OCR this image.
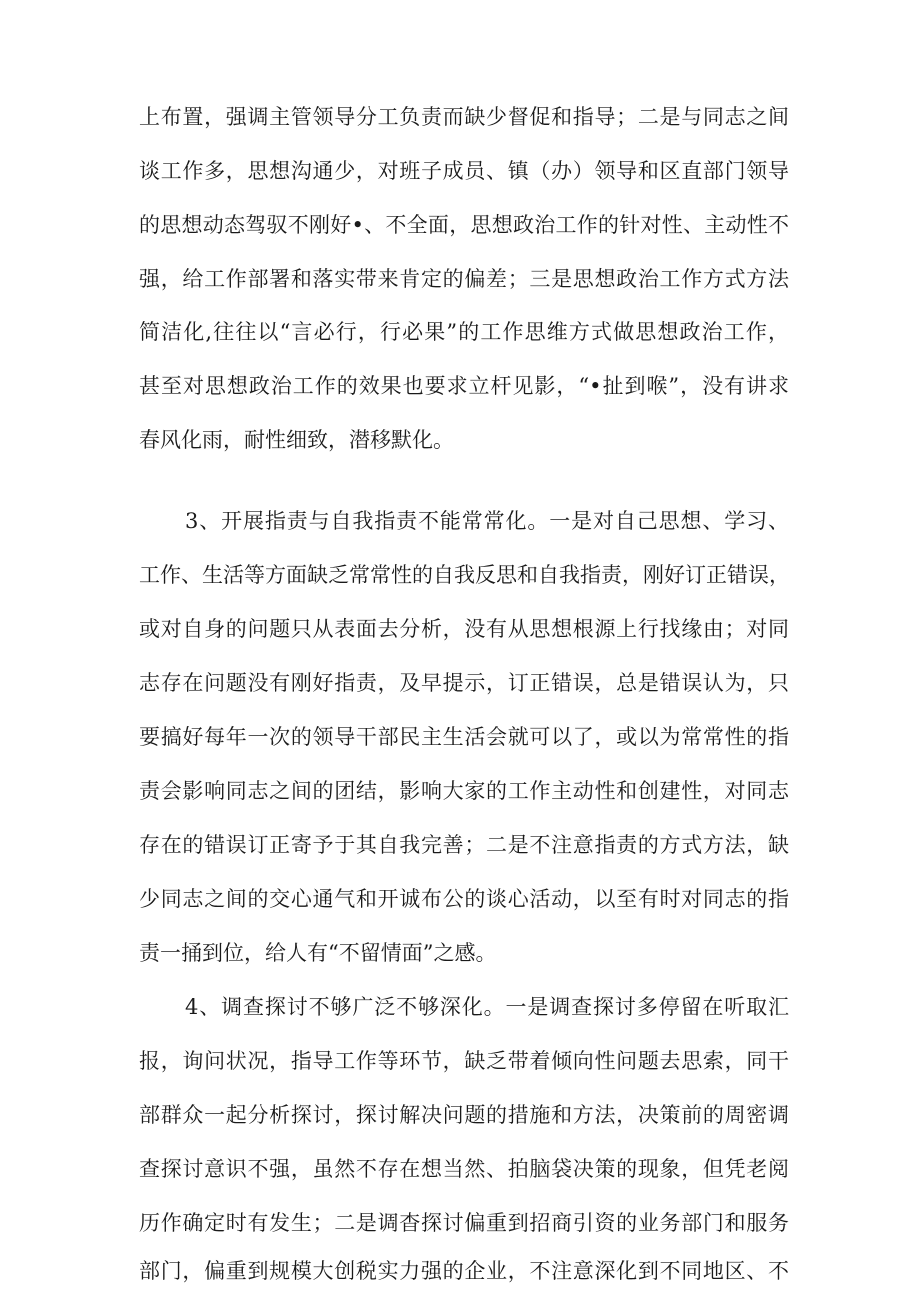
上布置，强调主管领导分工负责而缺少督促和指导；二是与同志之间
谈工作多，思想沟通少，对班子成员、镇（办）领导和区直部门领导
的思想动态驾驭不刚好•、不全面，思想政治工作的针对性、主动性不
强，给工作部署和落实带来肯定的偏差；三是思想政治工作方式方法
简洁化,往往以“言必行，行必果”的工作思维方式做思想政治工作，
甚至对思想政治工作的效果也要求立杆见影，“•扯到喉”，没有讲求
春风化雨，耐性细致，潜移默化。
3、开展指责与自我指责不能常常化。一是对自己思想、学习、
工作、生活等方面缺乏常常性的自我反思和自我指责，刚好订正错误，
或对自身的问题只从表面去分析，没有从思想根源上行找缘由；对同
志存在问题没有刚好指责，及早提示，订正错误，总是错误认为，只
要搞好每年一次的领导干部民主生活会就可以了，或以为常常性的指
责会影响同志之间的团结，影响大家的工作主动性和创建性，对同志
存在的错误订正寄予于其自我完善；二是不注意指责的方式方法，缺
少同志之间的交心通气和开诚布公的谈心活动，以至有时对同志的指
责一捅到位，给人有“不留情面”之感。
4、调查探讨不够广泛不够深化。一是调查探讨多停留在听取汇
报，询问状况，指导工作等环节，缺乏带着倾向性问题去思索，同干
部群众一起分析探讨，探讨解决问题的措施和方法，决策前的周密调
查探讨意识不强，虽然不存在想当然、拍脑袋决策的现象，但凭老阅
历作确定时有发生；二是调杳探讨偏重到招商引资的业务部门和服务
部门，偏重到规模大创税实力强的企业，不注意深化到不同地区、不
